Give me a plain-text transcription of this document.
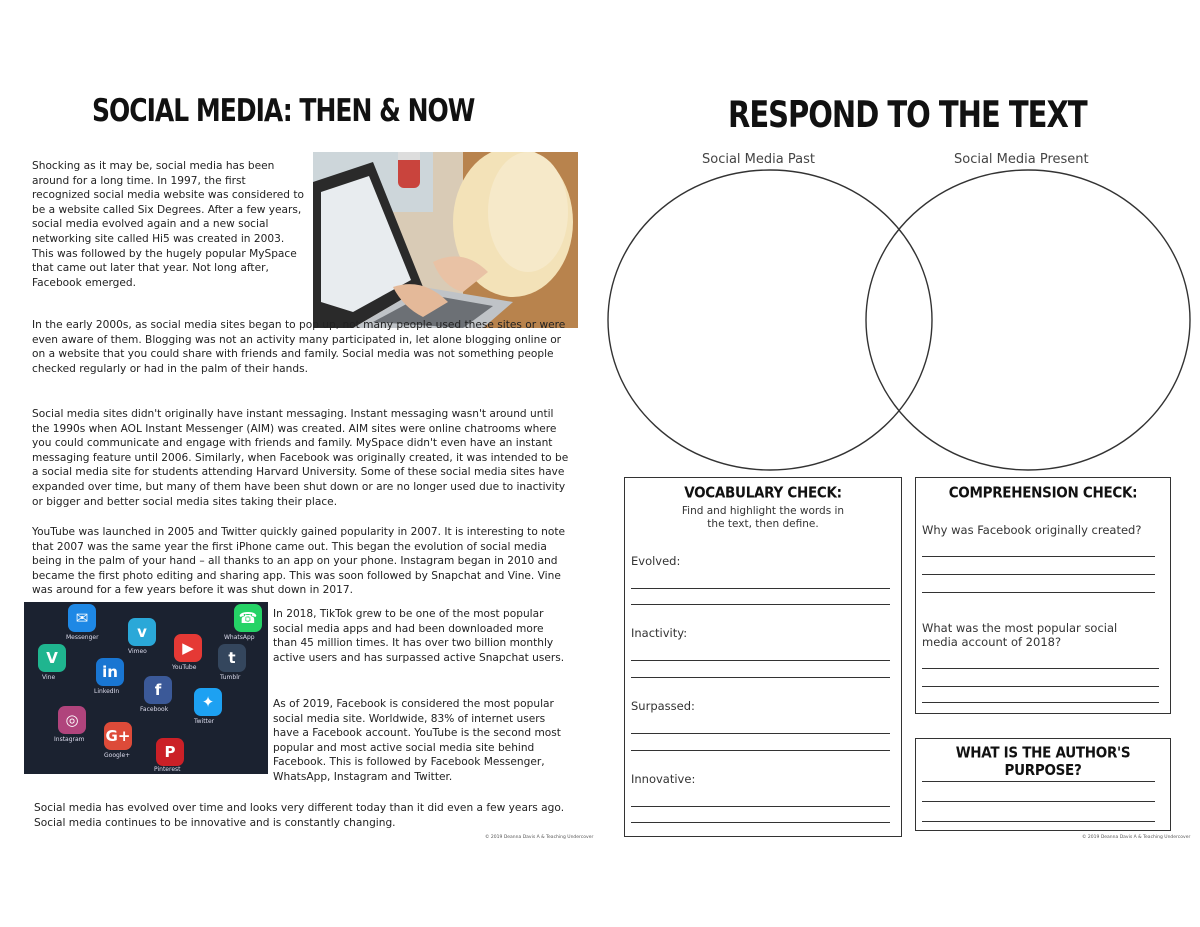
SOCIAL MEDIA: THEN & NOW

Shocking as it may be, social media has been around for a long time. In 1997, the first recognized social media website was considered to be a website called Six Degrees. After a few years, social media evolved again and a new social networking site called Hi5 was created in 2003. This was followed by the hugely popular MySpace that came out later that year. Not long after, Facebook emerged.

In the early 2000s, as social media sites began to pop up, not many people used these sites or were even aware of them. Blogging was not an activity many participated in, let alone blogging online or on a website that you could share with friends and family. Social media was not something people checked regularly or had in the palm of their hands.

Social media sites didn't originally have instant messaging. Instant messaging wasn't around until the 1990s when AOL Instant Messenger (AIM) was created. AIM sites were online chatrooms where you could communicate and engage with friends and family. MySpace didn't even have an instant messaging feature until 2006. Similarly, when Facebook was originally created, it was intended to be a social media site for students attending Harvard University. Some of these social media sites have expanded over time, but many of them have been shut down or are no longer used due to inactivity or bigger and better social media sites taking their place.

YouTube was launched in 2005 and Twitter quickly gained popularity in 2007. It is interesting to note that 2007 was the same year the first iPhone came out. This began the evolution of social media being in the palm of your hand – all thanks to an app on your phone. Instagram began in 2010 and became the first photo editing and sharing app. This was soon followed by Snapchat and Vine. Vine was around for a few years before it was shut down in 2017.

✉
v
V
▶
in
t
f
◎
✦
G+
P
☎
Messenger
Vimeo
Vine
YouTube
LinkedIn
Tumblr
Facebook
Instagram
Twitter
Google+
Pinterest
WhatsApp

In 2018, TikTok grew to be one of the most popular social media apps and had been downloaded more than 45 million times. It has over two billion monthly active users and has surpassed active Snapchat users.

As of 2019, Facebook is considered the most popular social media site. Worldwide, 83% of internet users have a Facebook account. YouTube is the second most popular and most active social media site behind Facebook. This is followed by Facebook Messenger, WhatsApp, Instagram and Twitter.

Social media has evolved over time and looks very different today than it did even a few years ago. Social media continues to be innovative and is constantly changing.

© 2019 Deanna Davis A & Teaching Undercover
RESPOND TO THE TEXT
Social Media Past	Social Media Present
VOCABULARY CHECK:
Find and highlight the words in the text, then define.
Evolved:
Inactivity:
Surpassed:
Innovative:
COMPREHENSION CHECK:
Why was Facebook originally created?
What was the most popular social media account of 2018?
WHAT IS THE AUTHOR'S PURPOSE?
© 2019 Deanna Davis A & Teaching Undercover
